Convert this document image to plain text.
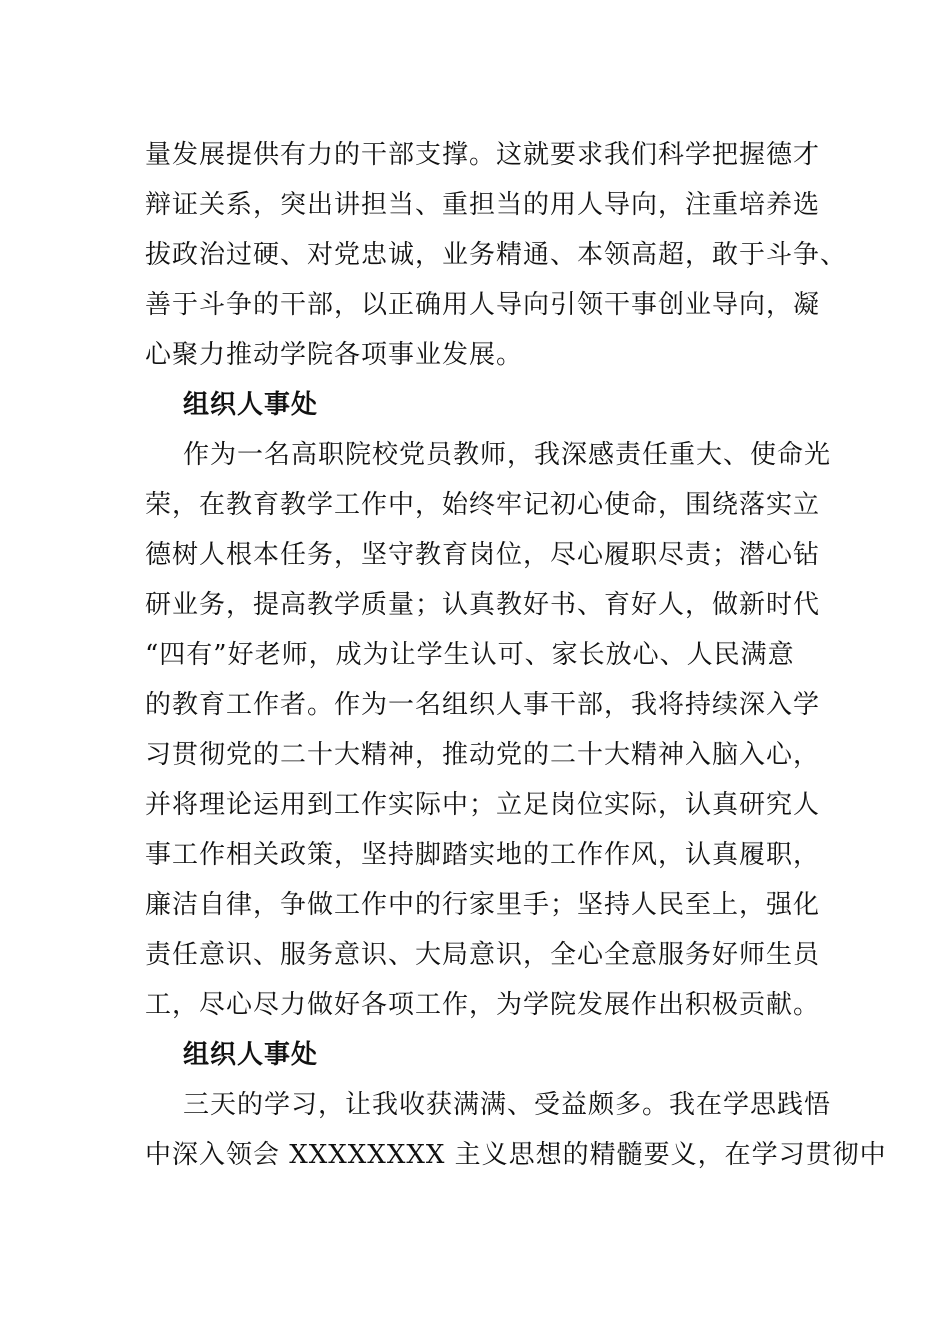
量发展提供有力的干部支撑。这就要求我们科学把握德才
辩证关系，突出讲担当、重担当的用人导向，注重培养选
拔政治过硬、对党忠诚，业务精通、本领高超，敢于斗争、
善于斗争的干部，以正确用人导向引领干事创业导向，凝
心聚力推动学院各项事业发展。
组织人事处
作为一名高职院校党员教师，我深感责任重大、使命光
荣，在教育教学工作中，始终牢记初心使命，围绕落实立
德树人根本任务，坚守教育岗位，尽心履职尽责；潜心钻
研业务，提高教学质量；认真教好书、育好人，做新时代
“四有”好老师，成为让学生认可、家长放心、人民满意
的教育工作者。作为一名组织人事干部，我将持续深入学
习贯彻党的二十大精神，推动党的二十大精神入脑入心，
并将理论运用到工作实际中；立足岗位实际，认真研究人
事工作相关政策，坚持脚踏实地的工作作风，认真履职，
廉洁自律，争做工作中的行家里手；坚持人民至上，强化
责任意识、服务意识、大局意识，全心全意服务好师生员
工，尽心尽力做好各项工作，为学院发展作出积极贡献。
组织人事处
三天的学习，让我收获满满、受益颇多。我在学思践悟
中深入领会 XXXXXXXX 主义思想的精髓要义，在学习贯彻中
